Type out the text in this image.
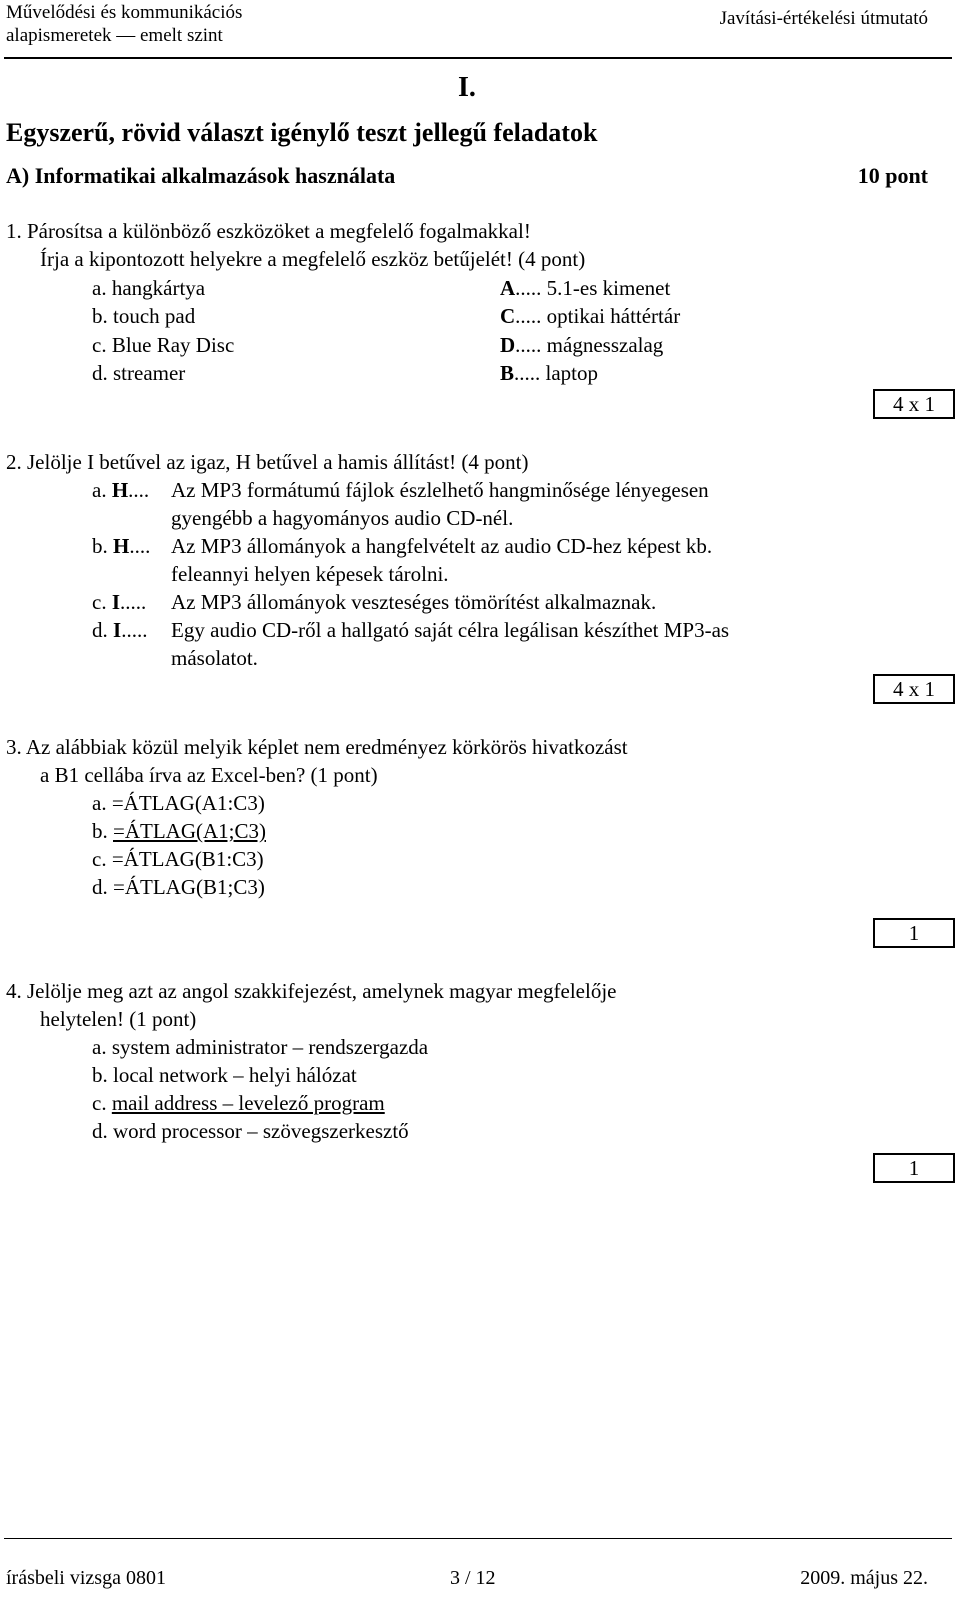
Művelődési és kommunikációs
alapismeretek — emelt szint
Javítási-értékelési útmutató
I.
Egyszerű, rövid választ igénylő teszt jellegű feladatok
A) Informatikai alkalmazások használata	10 pont
1. Párosítsa a különböző eszközöket a megfelelő fogalmakkal!
Írja a kipontozott helyekre a megfelelő eszköz betűjelét! (4 pont)
a. hangkártya	A..... 5.1-es kimenet
b. touch pad	C..... optikai háttértár
c. Blue Ray Disc	D..... mágnesszalag
d. streamer	B..... laptop
4 x 1
2. Jelölje I betűvel az igaz, H betűvel a hamis állítást! (4 pont)
a. H.... Az MP3 formátumú fájlok észlelhető hangminősége lényegesen
gyengébb a hagyományos audio CD-nél.
b. H.... Az MP3 állományok a hangfelvételt az audio CD-hez képest kb.
feleannyi helyen képesek tárolni.
c. I..... Az MP3 állományok veszteséges tömörítést alkalmaznak.
d. I..... Egy audio CD-ről a hallgató saját célra legálisan készíthet MP3-as
másolatot.
4 x 1
3. Az alábbiak közül melyik képlet nem eredményez körkörös hivatkozást
a B1 cellába írva az Excel-ben? (1 pont)
a. =ÁTLAG(A1:C3)
b. =ÁTLAG(A1;C3)
c. =ÁTLAG(B1:C3)
d. =ÁTLAG(B1;C3)
1
4. Jelölje meg azt az angol szakkifejezést, amelynek magyar megfelelője
helytelen! (1 pont)
a. system administrator – rendszergazda
b. local network – helyi hálózat
c. mail address – levelező program
d. word processor – szövegszerkesztő
1
írásbeli vizsga 0801	3 / 12	2009. május 22.
